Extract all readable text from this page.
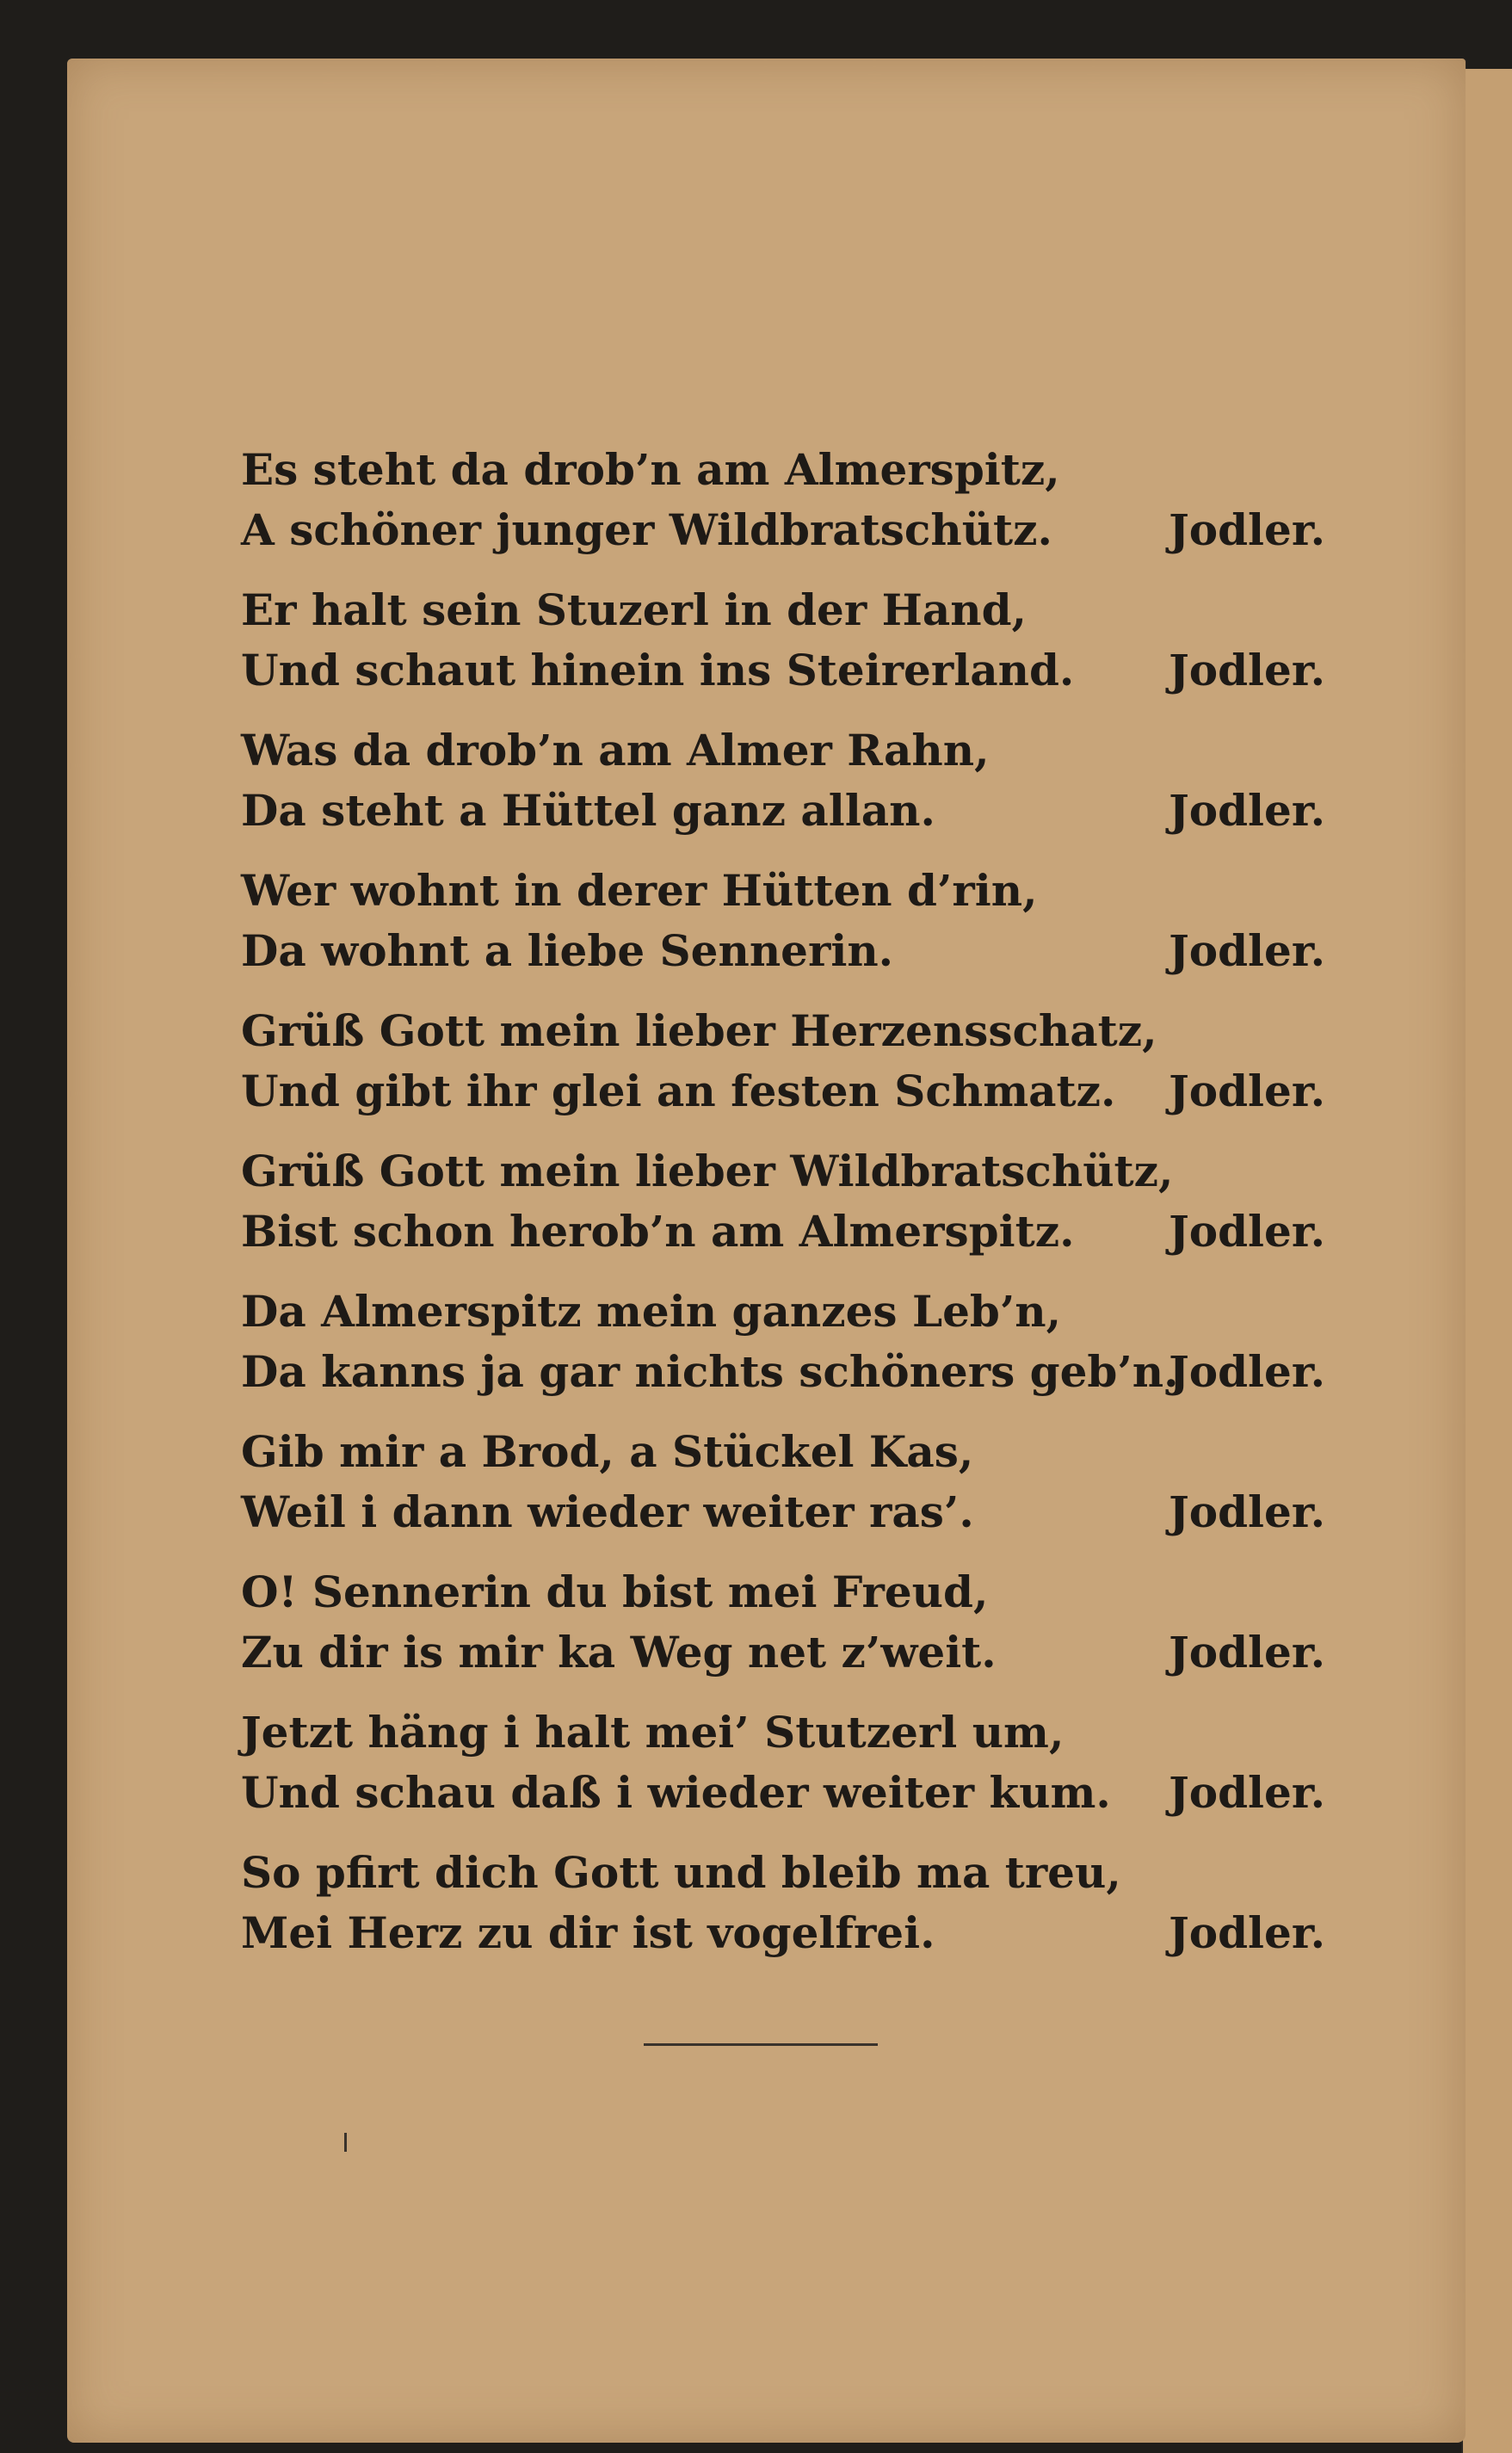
Es steht da drob’n am Almerspitz,
A schöner junger Wildbratschütz.	Jodler.
Er halt sein Stuzerl in der Hand,
Und schaut hinein ins Steirerland.	Jodler.
Was da drob’n am Almer Rahn,
Da steht a Hüttel ganz allan.	Jodler.
Wer wohnt in derer Hütten d’rin,
Da wohnt a liebe Sennerin.	Jodler.
Grüß Gott mein lieber Herzensschatz,
Und gibt ihr glei an festen Schmatz.	Jodler.
Grüß Gott mein lieber Wildbratschütz,
Bist schon herob’n am Almerspitz.	Jodler.
Da Almerspitz mein ganzes Leb’n,
Da kanns ja gar nichts schöners geb’n.
Jodler.
Gib mir a Brod, a Stückel Kas,
Weil i dann wieder weiter ras’.	Jodler.
O! Sennerin du bist mei Freud,
Zu dir is mir ka Weg net z’weit.	Jodler.
Jetzt häng i halt mei’ Stutzerl um,
Und schau daß i wieder weiter kum.	Jodler.
So pfirt dich Gott und bleib ma treu,
Mei Herz zu dir ist vogelfrei.	Jodler.
